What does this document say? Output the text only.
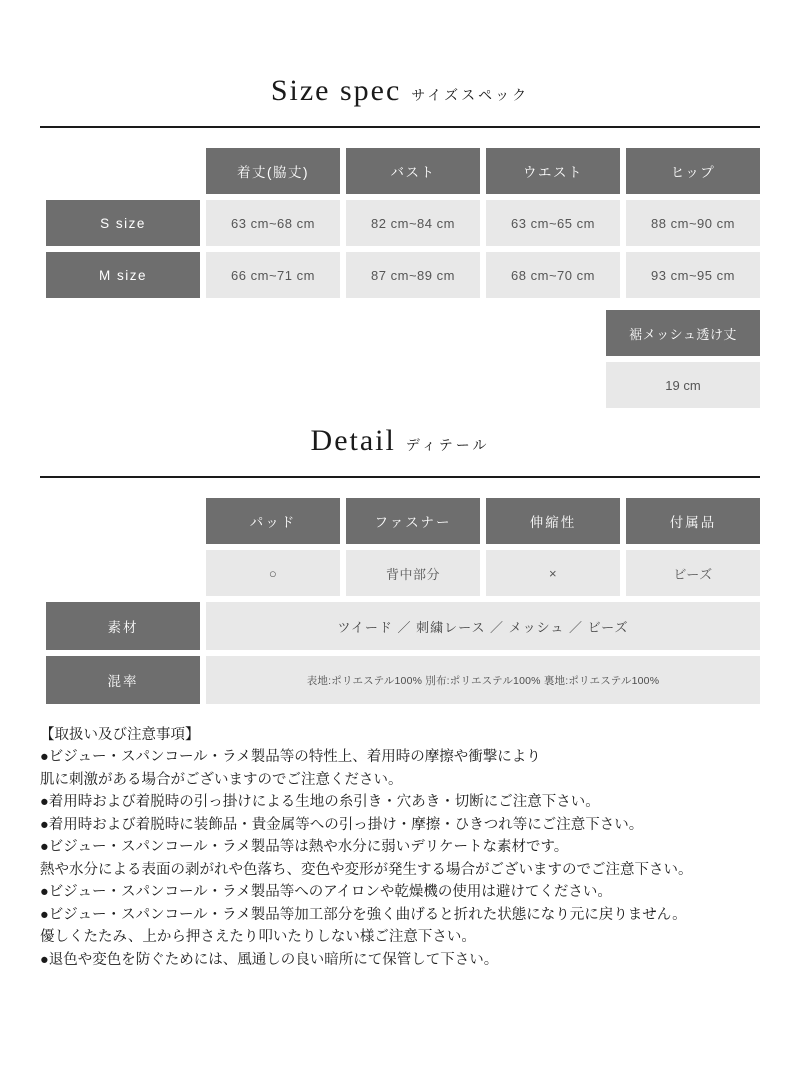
Size spec サイズスペック
	着丈(脇丈)	バスト	ウエスト	ヒップ
S size	63 cm~68 cm	82 cm~84 cm	63 cm~65 cm	88 cm~90 cm
M size	66 cm~71 cm	87 cm~89 cm	68 cm~70 cm	93 cm~95 cm
裾メッシュ透け丈
19 cm
Detail ディテール
	パッド	ファスナー	伸縮性	付属品
	○	背中部分	×	ビーズ
素材	ツイード ／ 刺繍レース ／ メッシュ ／ ビーズ			
混率	表地:ポリエステル100% 別布:ポリエステル100% 裏地:ポリエステル100%			

【取扱い及び注意事項】

●ビジュー・スパンコール・ラメ製品等の特性上、着用時の摩擦や衝撃により

肌に刺激がある場合がございますのでご注意ください。

●着用時および着脱時の引っ掛けによる生地の糸引き・穴あき・切断にご注意下さい。

●着用時および着脱時に装飾品・貴金属等への引っ掛け・摩擦・ひきつれ等にご注意下さい。

●ビジュー・スパンコール・ラメ製品等は熱や水分に弱いデリケートな素材です。

熱や水分による表面の剥がれや色落ち、変色や変形が発生する場合がございますのでご注意下さい。

●ビジュー・スパンコール・ラメ製品等へのアイロンや乾燥機の使用は避けてください。

●ビジュー・スパンコール・ラメ製品等加工部分を強く曲げると折れた状態になり元に戻りません。

優しくたたみ、上から押さえたり叩いたりしない様ご注意下さい。

●退色や変色を防ぐためには、風通しの良い暗所にて保管して下さい。
